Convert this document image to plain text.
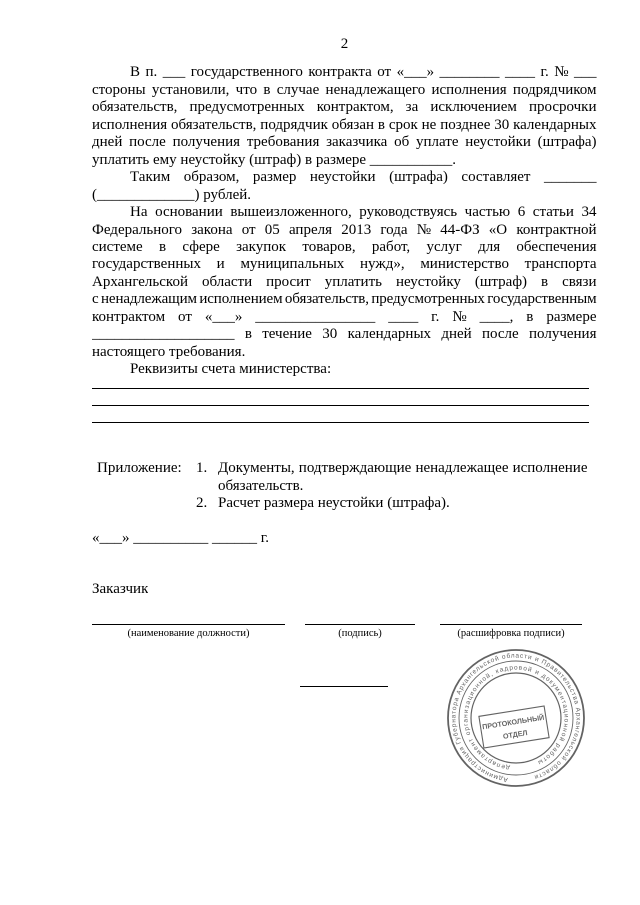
2
В п. ___ государственного контракта от «___» ________ ____ г. № ___
стороны установили, что в случае ненадлежащего исполнения подрядчиком
обязательств, предусмотренных контрактом, за исключением просрочки
исполнения обязательств, подрядчик обязан в срок не позднее 30 календарных
дней после получения требования заказчика об уплате неустойки (штрафа)
уплатить ему неустойку (штраф) в размере ___________.
Таким образом, размер неустойки (штрафа) составляет _______
(_____________) рублей.
На основании вышеизложенного, руководствуясь частью 6 статьи 34
Федерального закона от 05 апреля 2013 года № 44-ФЗ «О контрактной
системе в сфере закупок товаров, работ, услуг для обеспечения
государственных и муниципальных нужд», министерство транспорта
Архангельской области просит уплатить неустойку (штраф) в связи
с ненадлежащим исполнением обязательств, предусмотренных государственным
контрактом от «___» ________________ ____ г. № ____, в размере
___________________ в течение 30 календарных дней после получения
настоящего требования.
Реквизиты счета министерства:
Приложение: 1. Документы, подтверждающие ненадлежащее исполнение
обязательств.
2. Расчет размера неустойки (штрафа).
«___» __________ ______ г.
Заказчик
(наименование должности)	(подпись)	(расшифровка подписи)
Администрация Губернатора Архангельской области и Правительства Архангельской области
департамент организационной, кадровой и документационной работы
ПРОТОКОЛЬНЫЙ
ОТДЕЛ
